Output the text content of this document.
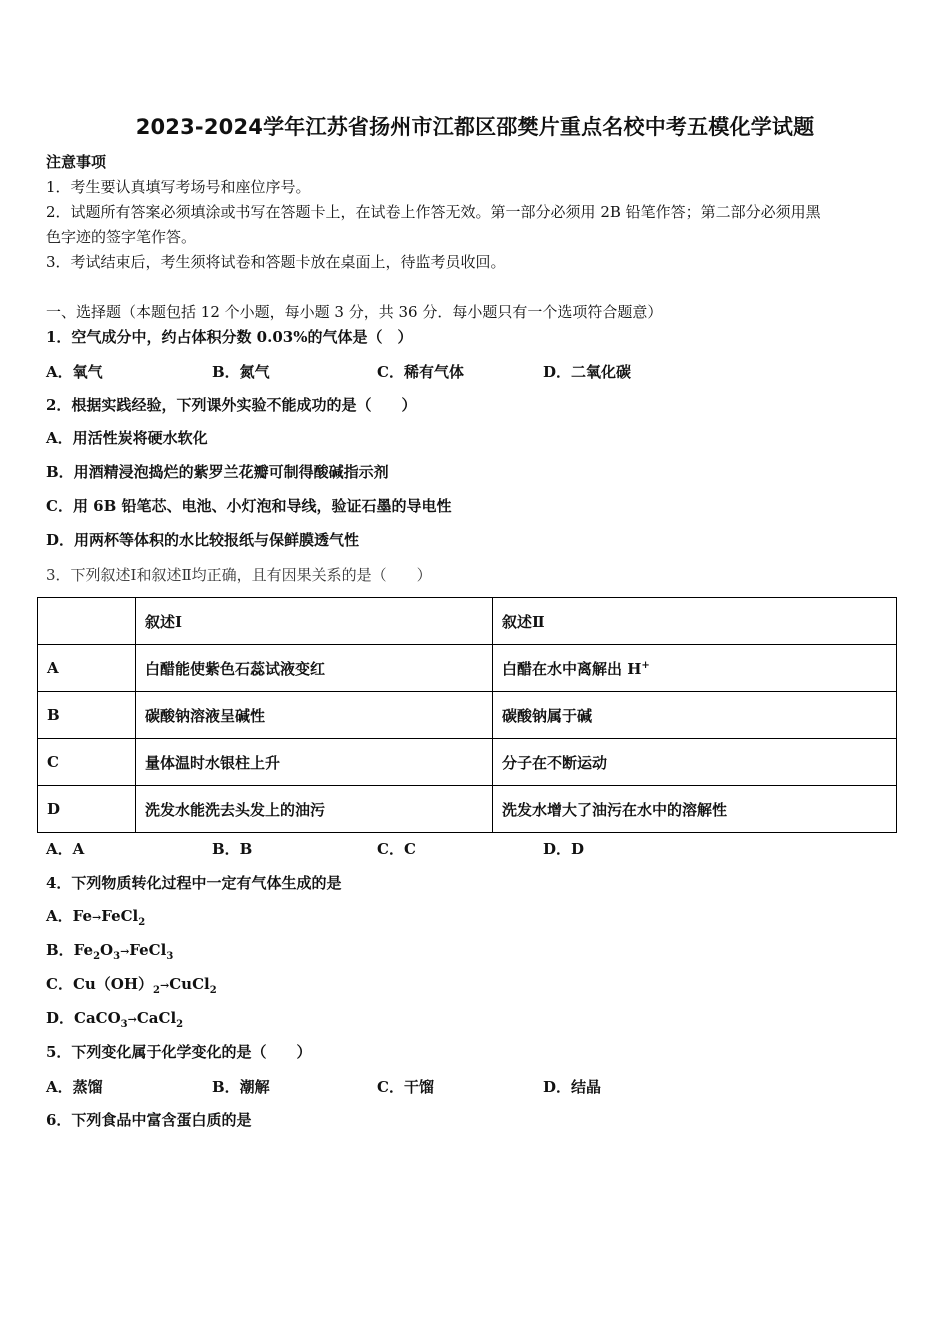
2023-2024学年江苏省扬州市江都区邵樊片重点名校中考五模化学试题
注意事项
1．考生要认真填写考场号和座位序号。
2．试题所有答案必须填涂或书写在答题卡上，在试卷上作答无效。第一部分必须用 2B 铅笔作答；第二部分必须用黑
色字迹的签字笔作答。
3．考试结束后，考生须将试卷和答题卡放在桌面上，待监考员收回。
一、选择题（本题包括 12 个小题，每小题 3 分，共 36 分．每小题只有一个选项符合题意）
1．空气成分中，约占体积分数 0.03%的气体是（　）
A．氧气	B．氮气	C．稀有气体	D．二氧化碳
2．根据实践经验，下列课外实验不能成功的是（　　）
A．用活性炭将硬水软化
B．用酒精浸泡捣烂的紫罗兰花瓣可制得酸碱指示剂
C．用 6B 铅笔芯、电池、小灯泡和导线，验证石墨的导电性
D．用两杯等体积的水比较报纸与保鲜膜透气性
3．下列叙述Ⅰ和叙述Ⅱ均正确，且有因果关系的是（　　）
	叙述Ⅰ	叙述Ⅱ
A	白醋能使紫色石蕊试液变红	白醋在水中离解出 H+
B	碳酸钠溶液呈碱性	碳酸钠属于碱
C	量体温时水银柱上升	分子在不断运动
D	洗发水能洗去头发上的油污	洗发水增大了油污在水中的溶解性
A．A	B．B	C．C	D．D
4．下列物质转化过程中一定有气体生成的是
A．Fe→FeCl$_2$
B．$Fe_2O_3\to FeCl_3$
C．$Cu(OH)_2\to CuCl_2$
D．CaCO$_3$→CaCl$_2$
5．下列变化属于化学变化的是（　　）
A．蒸馏	B．潮解	C．干馏	D．结晶
6．下列食品中富含蛋白质的是
